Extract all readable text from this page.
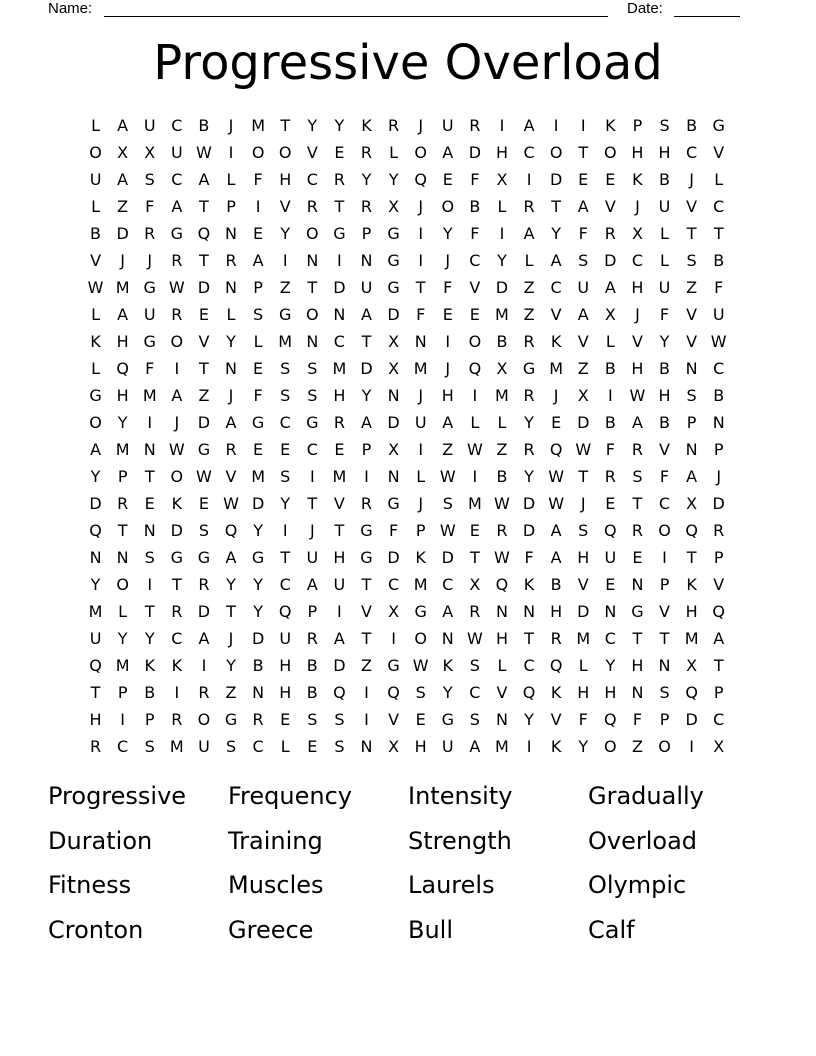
Name:	Date:
Progressive Overload
L	A U C	B	J	M T	Y	Y	K	R	J	U R	I	A	I	I	K	P	S	B G
O X	X U W	I	O O V	E	R	L	O A D H C O T O H H C	V
U A	S	C	A	L	F	H C R	Y	Y Q E	F	X	I	D E	E	K	B	J	L
L	Z	F	A	T	P	I	V	R	T	R	X	J	O B	L	R	T	A	V	J	U V	C
B D R G Q N	E	Y O G	P	G	I	Y	F	I	A	Y	F	R	X	L	T	T
V	J	J	R	T	R	A	I	N	I	N G	I	J	C	Y	L	A	S D C	L	S	B
W M G W D N	P	Z	T	D U G	T	F	V D Z	C U A H U Z	F
L	A U R	E	L	S G O N A D	F	E	E M Z	V	A	X	J	F	V U
K H G O V	Y	L M N C	T	X N	I	O B	R	K	V	L	V	Y	V W
L	Q	F	I	T	N	E	S	S M D X M	J	Q X G M Z	B H B N C
G H M A	Z	J	F	S	S	H	Y	N	J	H	I	M R	J	X	I	W H	S	B
O Y	I	J	D A G C G R	A D U A	L	L	Y	E D B	A	B	P	N
A M N W G R	E	E	C	E	P	X	I	Z W Z	R Q W F	R	V N	P
Y	P	T O W V M S	I	M	I	N	L W	I	B	Y W T	R	S	F	A	J
D R	E	K	E W D	Y	T	V	R G	J	S M W D W	J	E	T	C	X D
Q T	N D S Q Y	I	J	T	G	F	P W E	R D A	S Q R O Q R
N N	S G G A G	T	U H G D K D	T W F	A H U	E	I	T	P
Y O	I	T	R	Y	Y	C	A U	T	C M C	X Q K	B	V	E	N	P	K	V
M L	T	R D	T	Y Q P	I	V	X G A	R N N H D N G V H Q
U	Y	Y	C	A	J	D U R	A	T	I	O N W H	T	R M C	T	T M A
Q M K	K	I	Y	B H B D Z G W K	S	L	C Q	L	Y	H N X	T
T	P	B	I	R	Z N H B Q	I	Q S	Y	C	V Q K H H N	S Q P
H	I	P	R O G R	E	S	S	I	V	E G S	N	Y	V	F	Q	F	P	D C
R C	S M U	S	C	L	E	S	N X H U A M	I	K	Y O Z O	I	X
Progressive	Frequency	Intensity	Gradually
Duration	Training	Strength	Overload
Fitness	Muscles	Laurels	Olympic
Cronton	Greece	Bull	Calf
